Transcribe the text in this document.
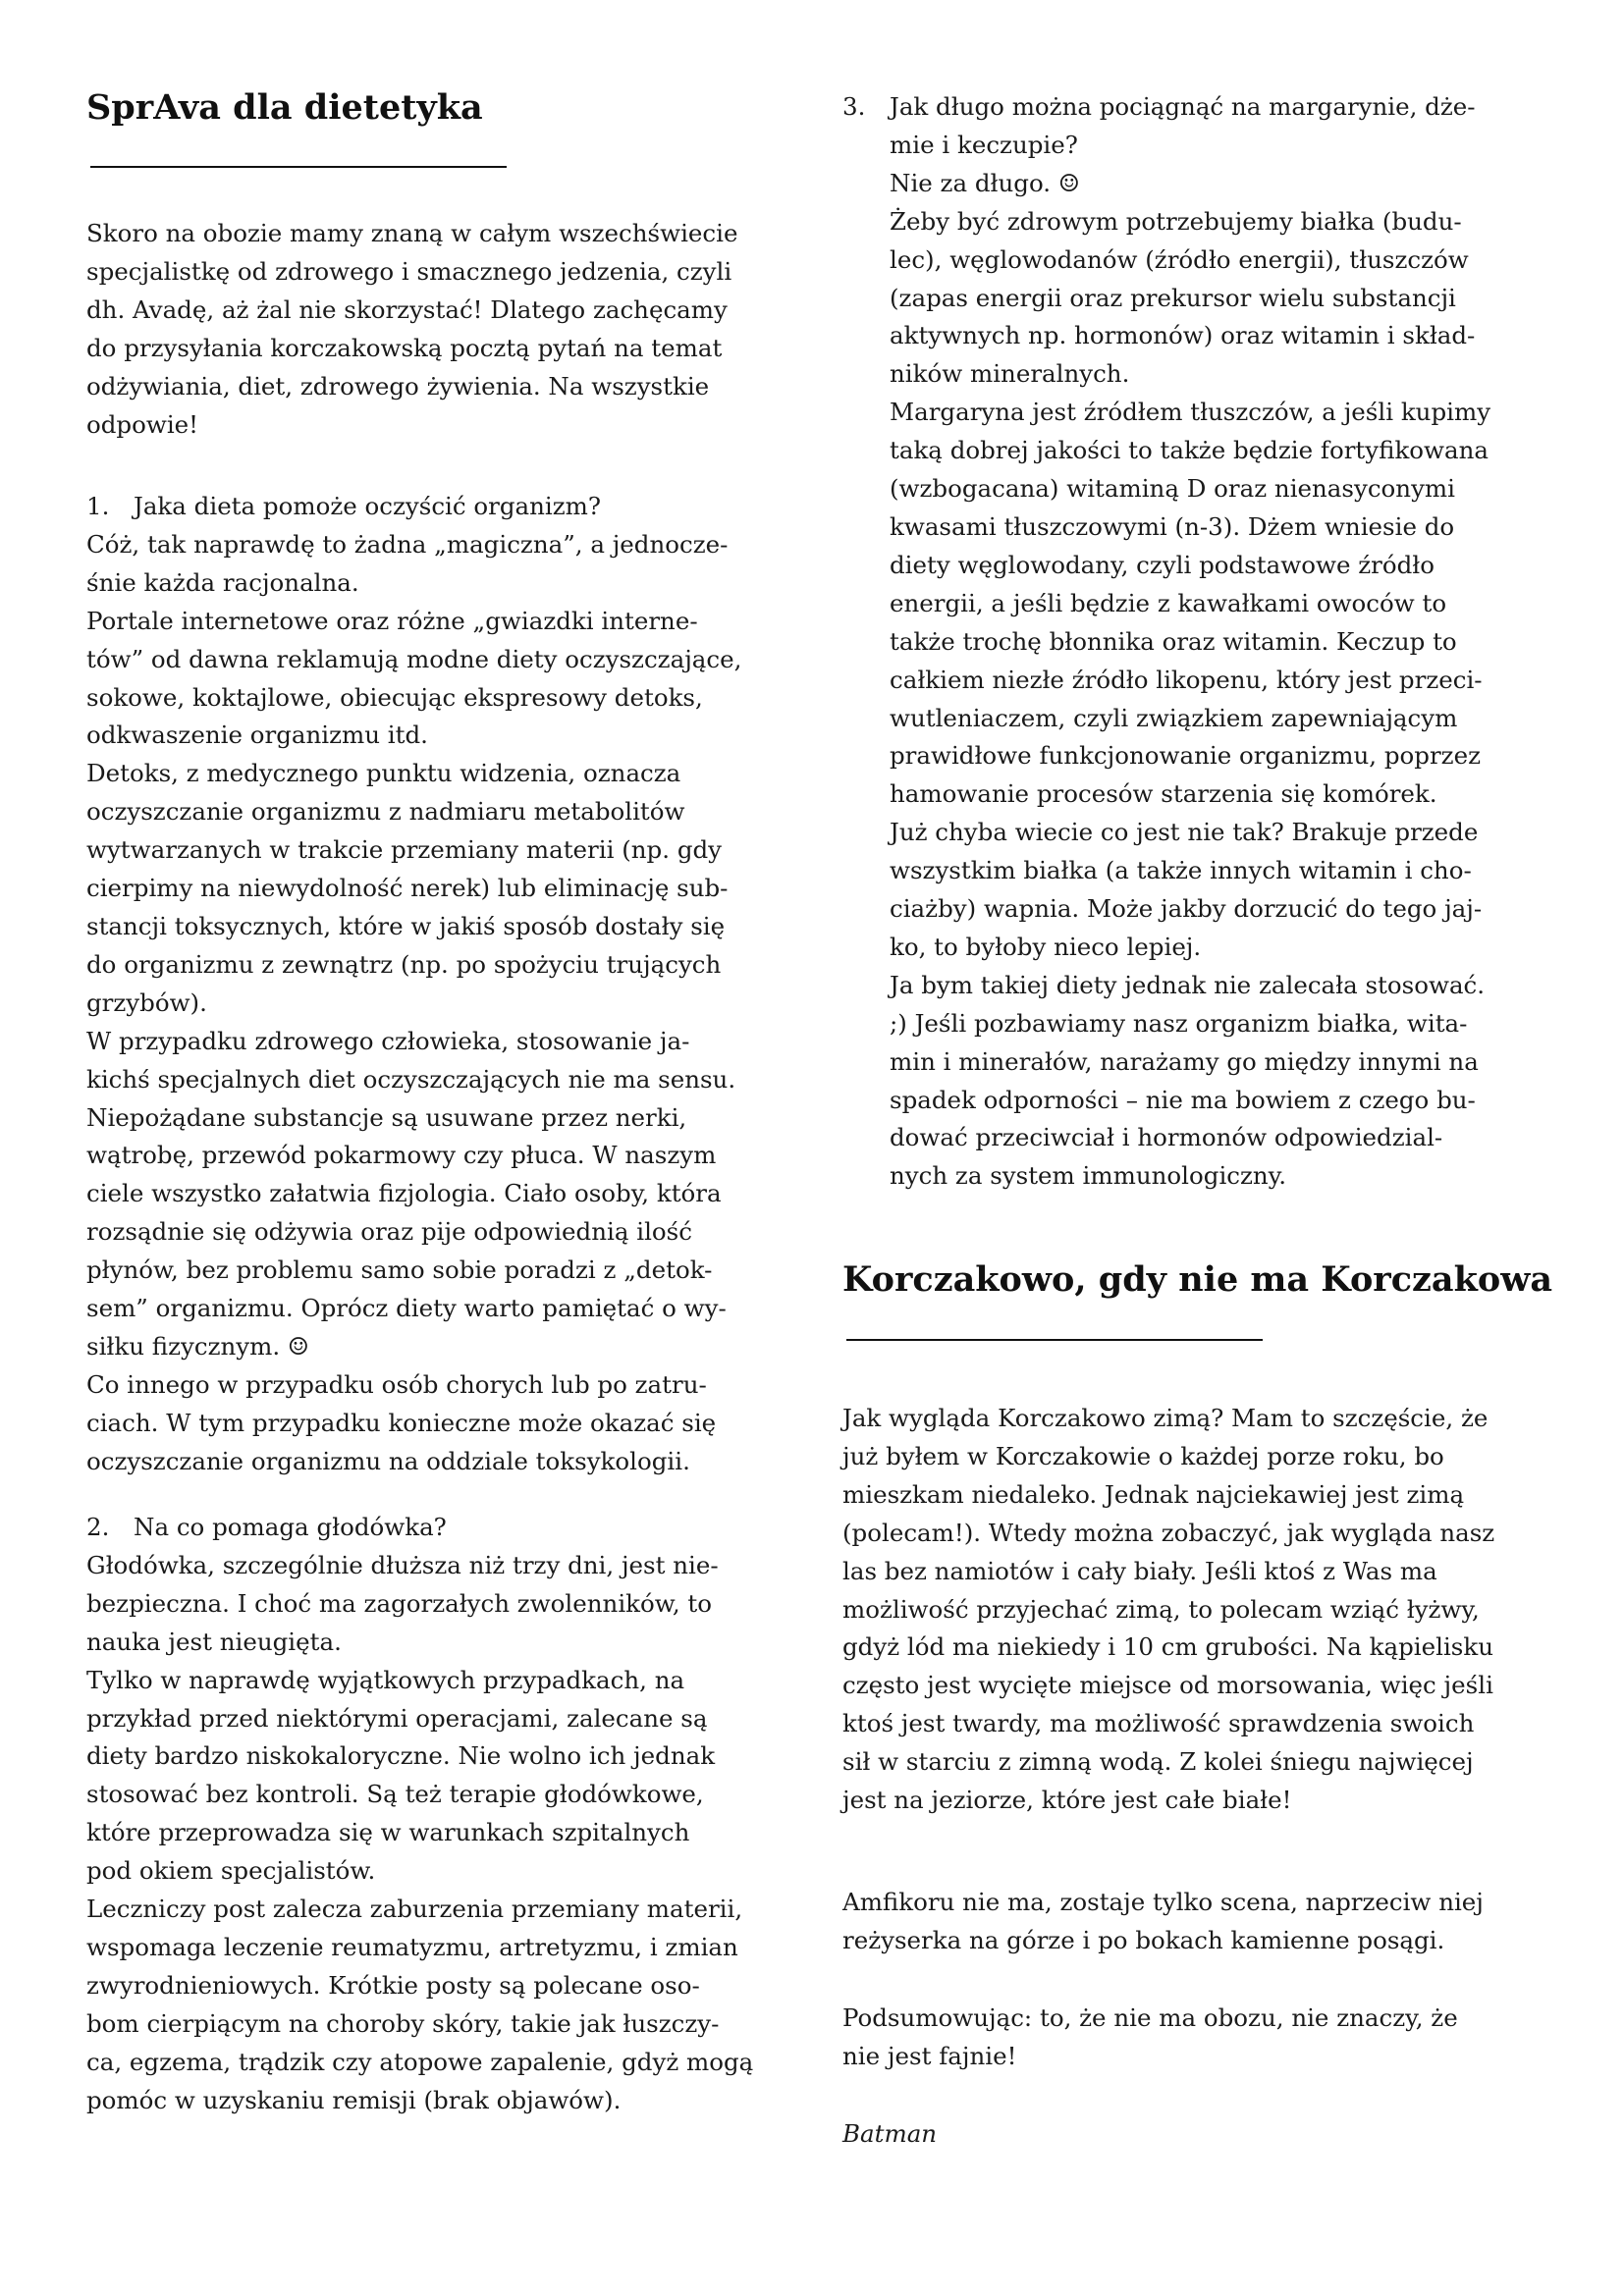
SprAva dla dietetyka
Skoro na obozie mamy znaną w całym wszechświecie
specjalistkę od zdrowego i smacznego jedzenia, czyli
dh. Avadę, aż żal nie skorzystać! Dlatego zachęcamy
do przysyłania korczakowską pocztą pytań na temat
odżywiania, diet, zdrowego żywienia. Na wszystkie
odpowie!
1. Jaka dieta pomoże oczyścić organizm?
Cóż, tak naprawdę to żadna „magiczna”, a jednocze-
śnie każda racjonalna.
Portale internetowe oraz różne „gwiazdki interne-
tów” od dawna reklamują modne diety oczyszczające,
sokowe, koktajlowe, obiecując ekspresowy detoks,
odkwaszenie organizmu itd.
Detoks, z medycznego punktu widzenia, oznacza
oczyszczanie organizmu z nadmiaru metabolitów
wytwarzanych w trakcie przemiany materii (np. gdy
cierpimy na niewydolność nerek) lub eliminację sub-
stancji toksycznych, które w jakiś sposób dostały się
do organizmu z zewnątrz (np. po spożyciu trujących
grzybów).
W przypadku zdrowego człowieka, stosowanie ja-
kichś specjalnych diet oczyszczających nie ma sensu.
Niepożądane substancje są usuwane przez nerki,
wątrobę, przewód pokarmowy czy płuca. W naszym
ciele wszystko załatwia fizjologia. Ciało osoby, która
rozsądnie się odżywia oraz pije odpowiednią ilość
płynów, bez problemu samo sobie poradzi z „detok-
sem” organizmu. Oprócz diety warto pamiętać o wy-
siłku fizycznym. ☺
Co innego w przypadku osób chorych lub po zatru-
ciach. W tym przypadku konieczne może okazać się
oczyszczanie organizmu na oddziale toksykologii.
2. Na co pomaga głodówka?
Głodówka, szczególnie dłuższa niż trzy dni, jest nie-
bezpieczna. I choć ma zagorzałych zwolenników, to
nauka jest nieugięta.
Tylko w naprawdę wyjątkowych przypadkach, na
przykład przed niektórymi operacjami, zalecane są
diety bardzo niskokaloryczne. Nie wolno ich jednak
stosować bez kontroli. Są też terapie głodówkowe,
które przeprowadza się w warunkach szpitalnych
pod okiem specjalistów.
Leczniczy post zalecza zaburzenia przemiany materii,
wspomaga leczenie reumatyzmu, artretyzmu, i zmian
zwyrodnieniowych. Krótkie posty są polecane oso-
bom cierpiącym na choroby skóry, takie jak łuszczy-
ca, egzema, trądzik czy atopowe zapalenie, gdyż mogą
pomóc w uzyskaniu remisji (brak objawów).
3. Jak długo można pociągnąć na margarynie, dże-
mie i keczupie?
Nie za długo. ☺
Żeby być zdrowym potrzebujemy białka (budu-
lec), węglowodanów (źródło energii), tłuszczów
(zapas energii oraz prekursor wielu substancji
aktywnych np. hormonów) oraz witamin i skład-
ników mineralnych.
Margaryna jest źródłem tłuszczów, a jeśli kupimy
taką dobrej jakości to także będzie fortyfikowana
(wzbogacana) witaminą D oraz nienasyconymi
kwasami tłuszczowymi (n-3). Dżem wniesie do
diety węglowodany, czyli podstawowe źródło
energii, a jeśli będzie z kawałkami owoców to
także trochę błonnika oraz witamin. Keczup to
całkiem niezłe źródło likopenu, który jest przeci-
wutleniaczem, czyli związkiem zapewniającym
prawidłowe funkcjonowanie organizmu, poprzez
hamowanie procesów starzenia się komórek.
Już chyba wiecie co jest nie tak? Brakuje przede
wszystkim białka (a także innych witamin i cho-
ciażby) wapnia. Może jakby dorzucić do tego jaj-
ko, to byłoby nieco lepiej.
Ja bym takiej diety jednak nie zalecała stosować.
;) Jeśli pozbawiamy nasz organizm białka, wita-
min i minerałów, narażamy go między innymi na
spadek odporności – nie ma bowiem z czego bu-
dować przeciwciał i hormonów odpowiedzial-
nych za system immunologiczny.
Korczakowo, gdy nie ma Korczakowa
Jak wygląda Korczakowo zimą? Mam to szczęście, że
już byłem w Korczakowie o każdej porze roku, bo
mieszkam niedaleko. Jednak najciekawiej jest zimą
(polecam!). Wtedy można zobaczyć, jak wygląda nasz
las bez namiotów i cały biały. Jeśli ktoś z Was ma
możliwość przyjechać zimą, to polecam wziąć łyżwy,
gdyż lód ma niekiedy i 10 cm grubości. Na kąpielisku
często jest wycięte miejsce od morsowania, więc jeśli
ktoś jest twardy, ma możliwość sprawdzenia swoich
sił w starciu z zimną wodą. Z kolei śniegu najwięcej
jest na jeziorze, które jest całe białe!
Amfikoru nie ma, zostaje tylko scena, naprzeciw niej
reżyserka na górze i po bokach kamienne posągi.
Podsumowując: to, że nie ma obozu, nie znaczy, że
nie jest fajnie!
Batman
